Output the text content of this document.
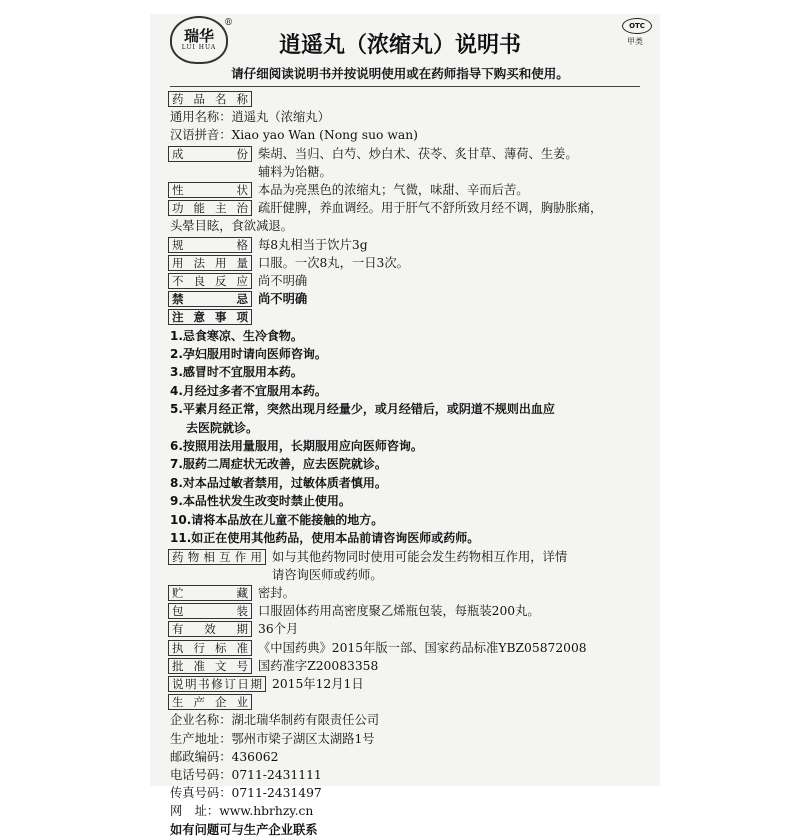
瑞华
LUI HUA
®	OTC
甲类
逍遥丸（浓缩丸）说明书
请仔细阅读说明书并按说明使用或在药师指导下购买和使用。
药品名称

通用名称：逍遥丸（浓缩丸）
汉语拼音：Xiao yao Wan (Nong suo wan)
成 份 柴胡、当归、白芍、炒白术、茯苓、炙甘草、薄荷、生姜。
辅料为饴糖。
性 状 本品为亮黑色的浓缩丸；气微，味甜、辛而后苦。
功能主治 疏肝健脾，养血调经。用于肝气不舒所致月经不调，胸胁胀痛，
头晕目眩，食欲减退。
规 格 每8丸相当于饮片3g
用法用量 口服。一次8丸，一日3次。
不良反应 尚不明确
禁 忌 尚不明确
注意事项

1.忌食寒凉、生冷食物。
2.孕妇服用时请向医师咨询。
3.感冒时不宜服用本药。
4.月经过多者不宜服用本药。
5.平素月经正常，突然出现月经量少，或月经错后，或阴道不规则出血应
去医院就诊。
6.按照用法用量服用，长期服用应向医师咨询。
7.服药二周症状无改善，应去医院就诊。
8.对本品过敏者禁用，过敏体质者慎用。
9.本品性状发生改变时禁止使用。
10.请将本品放在儿童不能接触的地方。
11.如正在使用其他药品，使用本品前请咨询医师或药师。
药物相互作用 如与其他药物同时使用可能会发生药物相互作用，详情
请咨询医师或药师。
贮 藏 密封。
包 装 口服固体药用高密度聚乙烯瓶包装，每瓶装200丸。
有 效 期 36个月
执行标准 《中国药典》2015年版一部、国家药品标准YBZ05872008
批准文号 国药准字Z20083358
说明书修订日期 2015年12月1日
生产企业

企业名称：湖北瑞华制药有限责任公司
生产地址：鄂州市梁子湖区太湖路1号
邮政编码：436062
电话号码：0711-2431111
传真号码：0711-2431497
网　址：www.hbrhzy.cn
如有问题可与生产企业联系
